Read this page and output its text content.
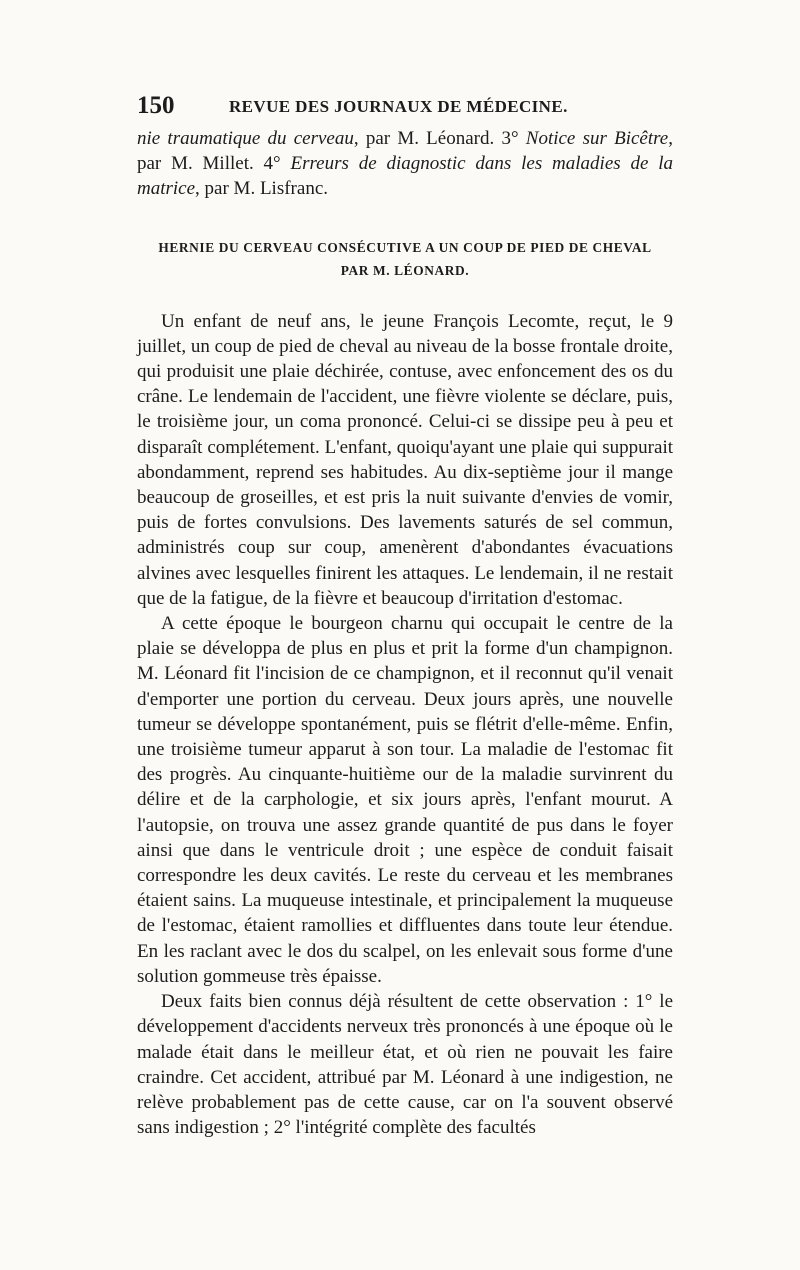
150	REVUE DES JOURNAUX DE MÉDECINE.

nie traumatique du cerveau, par M. Léonard. 3° Notice sur Bicêtre, par M. Millet. 4° Erreurs de diagnostic dans les maladies de la matrice, par M. Lisfranc.

HERNIE DU CERVEAU CONSÉCUTIVE A UN COUP DE PIED DE CHEVAL
PAR M. LÉONARD.

Un enfant de neuf ans, le jeune François Lecomte, reçut, le 9 juillet, un coup de pied de cheval au niveau de la bosse frontale droite, qui produisit une plaie déchirée, contuse, avec enfoncement des os du crâne. Le lendemain de l'accident, une fièvre violente se déclare, puis, le troisième jour, un coma prononcé. Celui-ci se dissipe peu à peu et disparaît complétement. L'enfant, quoiqu'ayant une plaie qui suppurait abondamment, reprend ses habitudes. Au dix-septième jour il mange beaucoup de groseilles, et est pris la nuit suivante d'envies de vomir, puis de fortes convulsions. Des lavements saturés de sel commun, administrés coup sur coup, amenèrent d'abondantes évacuations alvines avec lesquelles finirent les attaques. Le lendemain, il ne restait que de la fatigue, de la fièvre et beaucoup d'irritation d'estomac.

A cette époque le bourgeon charnu qui occupait le centre de la plaie se développa de plus en plus et prit la forme d'un champignon. M. Léonard fit l'incision de ce champignon, et il reconnut qu'il venait d'emporter une portion du cerveau. Deux jours après, une nouvelle tumeur se développe spontanément, puis se flétrit d'elle-même. Enfin, une troisième tumeur apparut à son tour. La maladie de l'estomac fit des progrès. Au cinquante-huitième our de la maladie survinrent du délire et de la carphologie, et six jours après, l'enfant mourut. A l'autopsie, on trouva une assez grande quantité de pus dans le foyer ainsi que dans le ventricule droit ; une espèce de conduit faisait correspondre les deux cavités. Le reste du cerveau et les membranes étaient sains. La muqueuse intestinale, et principalement la muqueuse de l'estomac, étaient ramollies et diffluentes dans toute leur étendue. En les raclant avec le dos du scalpel, on les enlevait sous forme d'une solution gommeuse très épaisse.

Deux faits bien connus déjà résultent de cette observation : 1° le développement d'accidents nerveux très prononcés à une époque où le malade était dans le meilleur état, et où rien ne pouvait les faire craindre. Cet accident, attribué par M. Léonard à une indigestion, ne relève probablement pas de cette cause, car on l'a souvent observé sans indigestion ; 2° l'intégrité complète des facultés
